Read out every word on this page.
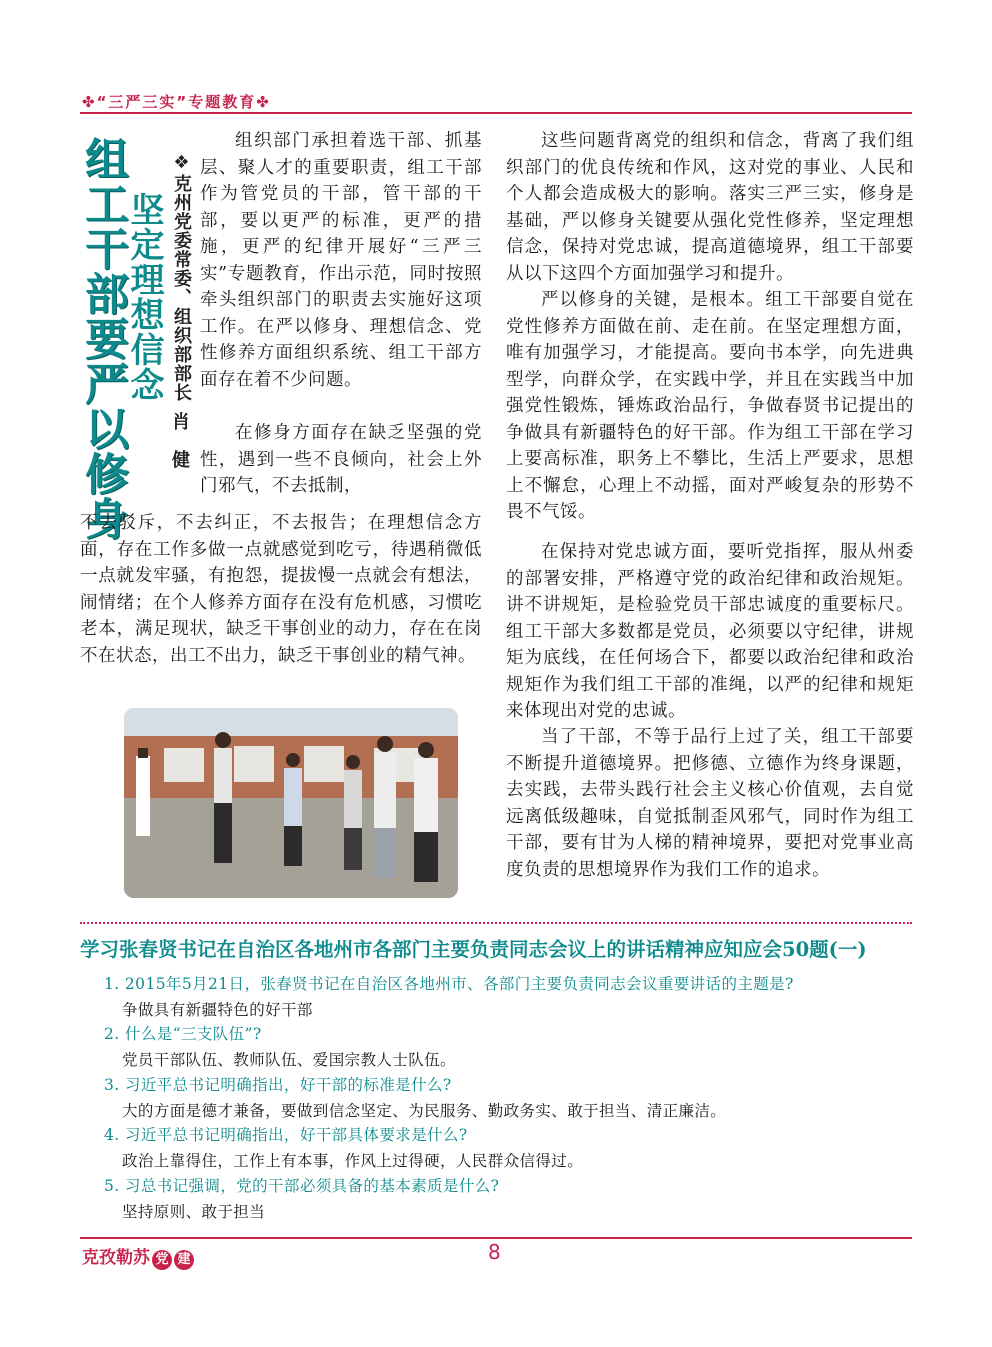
✤“三严三实”专题教育✤
组工干部要严以修身
坚定理想信念 ❖克州党委常委、组织部部长
肖健

组织部门承担着选干部、抓基层、聚人才的重要职责，组工干部作为管党员的干部，管干部的干部，要以更严的标准，更严的措施，更严的纪律开展好“三严三实”专题教育，作出示范，同时按照牵头组织部门的职责去实施好这项工作。在严以修身、理想信念、党性修养方面组织系统、组工干部方面存在着不少问题。

在修身方面存在缺乏坚强的党性，遇到一些不良倾向，社会上外门邪气，不去抵制，

不去驳斥，不去纠正，不去报告；在理想信念方面，存在工作多做一点就感觉到吃亏，待遇稍微低一点就发牢骚，有抱怨，提拔慢一点就会有想法，闹情绪；在个人修养方面存在没有危机感，习惯吃老本，满足现状，缺乏干事创业的动力，存在在岗不在状态，出工不出力，缺乏干事创业的精气神。

这些问题背离党的组织和信念，背离了我们组织部门的优良传统和作风，这对党的事业、人民和个人都会造成极大的影响。落实三严三实，修身是基础，严以修身关键要从强化党性修养，坚定理想信念，保持对党忠诚，提高道德境界，组工干部要从以下这四个方面加强学习和提升。

严以修身的关键，是根本。组工干部要自觉在党性修养方面做在前、走在前。在坚定理想方面，唯有加强学习，才能提高。要向书本学，向先进典型学，向群众学，在实践中学，并且在实践当中加强党性锻炼，锤炼政治品行，争做春贤书记提出的争做具有新疆特色的好干部。作为组工干部在学习上要高标准，职务上不攀比，生活上严要求，思想上不懈怠，心理上不动摇，面对严峻复杂的形势不畏不气馁。

在保持对党忠诚方面，要听党指挥，服从州委的部署安排，严格遵守党的政治纪律和政治规矩。讲不讲规矩，是检验党员干部忠诚度的重要标尺。组工干部大多数都是党员，必须要以守纪律，讲规矩为底线，在任何场合下，都要以政治纪律和政治规矩作为我们组工干部的准绳，以严的纪律和规矩来体现出对党的忠诚。

当了干部，不等于品行上过了关，组工干部要不断提升道德境界。把修德、立德作为终身课题，去实践，去带头践行社会主义核心价值观，去自觉远离低级趣味，自觉抵制歪风邪气，同时作为组工干部，要有甘为人梯的精神境界，要把对党事业高度负责的思想境界作为我们工作的追求。

学习张春贤书记在自治区各地州市各部门主要负责同志会议上的讲话精神应知应会50题(一)
1. 2015年5月21日，张春贤书记在自治区各地州市、各部门主要负责同志会议重要讲话的主题是?
争做具有新疆特色的好干部
2. 什么是“三支队伍”?
党员干部队伍、教师队伍、爱国宗教人士队伍。
3. 习近平总书记明确指出，好干部的标准是什么?
大的方面是德才兼备，要做到信念坚定、为民服务、勤政务实、敢于担当、清正廉洁。
4. 习近平总书记明确指出，好干部具体要求是什么?
政治上靠得住，工作上有本事，作风上过得硬，人民群众信得过。
5. 习总书记强调，党的干部必须具备的基本素质是什么?
坚持原则、敢于担当
克孜勒苏 党 建	8
